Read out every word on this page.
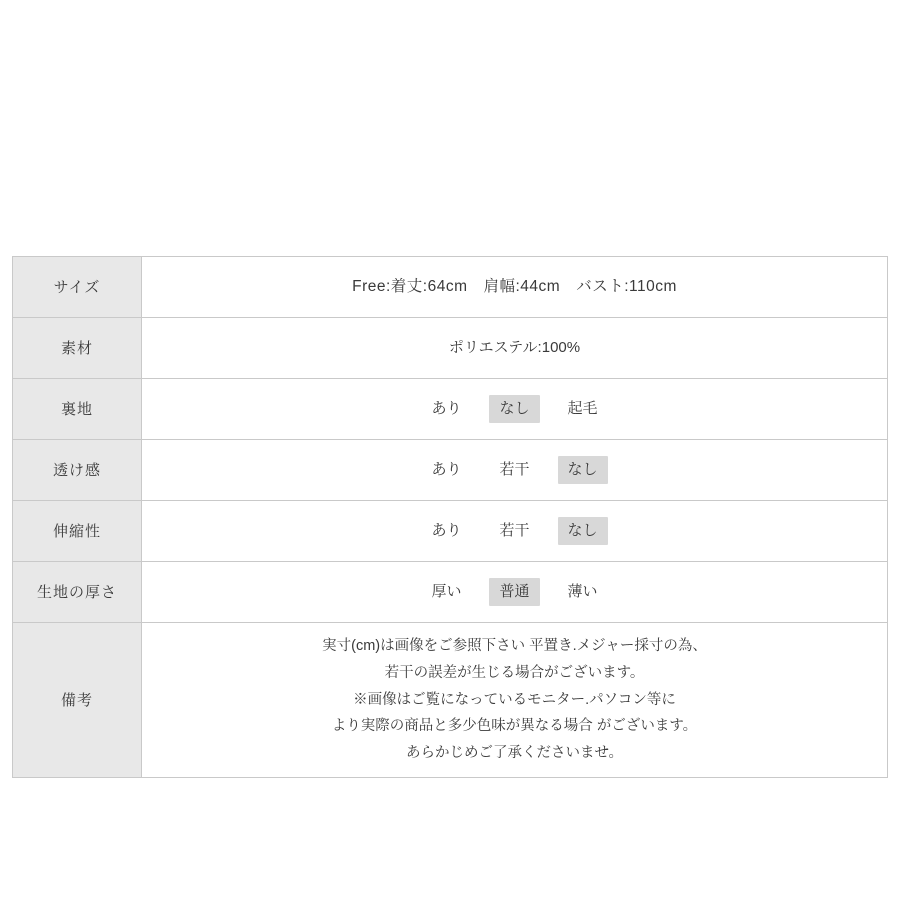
サイズ	Free:着丈:64cm　肩幅:44cm　バスト:110cm
素材	ポリエステル:100%
裏地	あり なし 起毛

透け感	あり 若干 なし

伸縮性	あり 若干 なし

生地の厚さ	厚い 普通 薄い

備考	実寸(cm)は画像をご参照下さい 平置き.メジャー採寸の為、
若干の誤差が生じる場合がございます。
※画像はご覧になっているモニター.パソコン等に
より実際の商品と多少色味が異なる場合 がございます。
あらかじめご了承くださいませ。
